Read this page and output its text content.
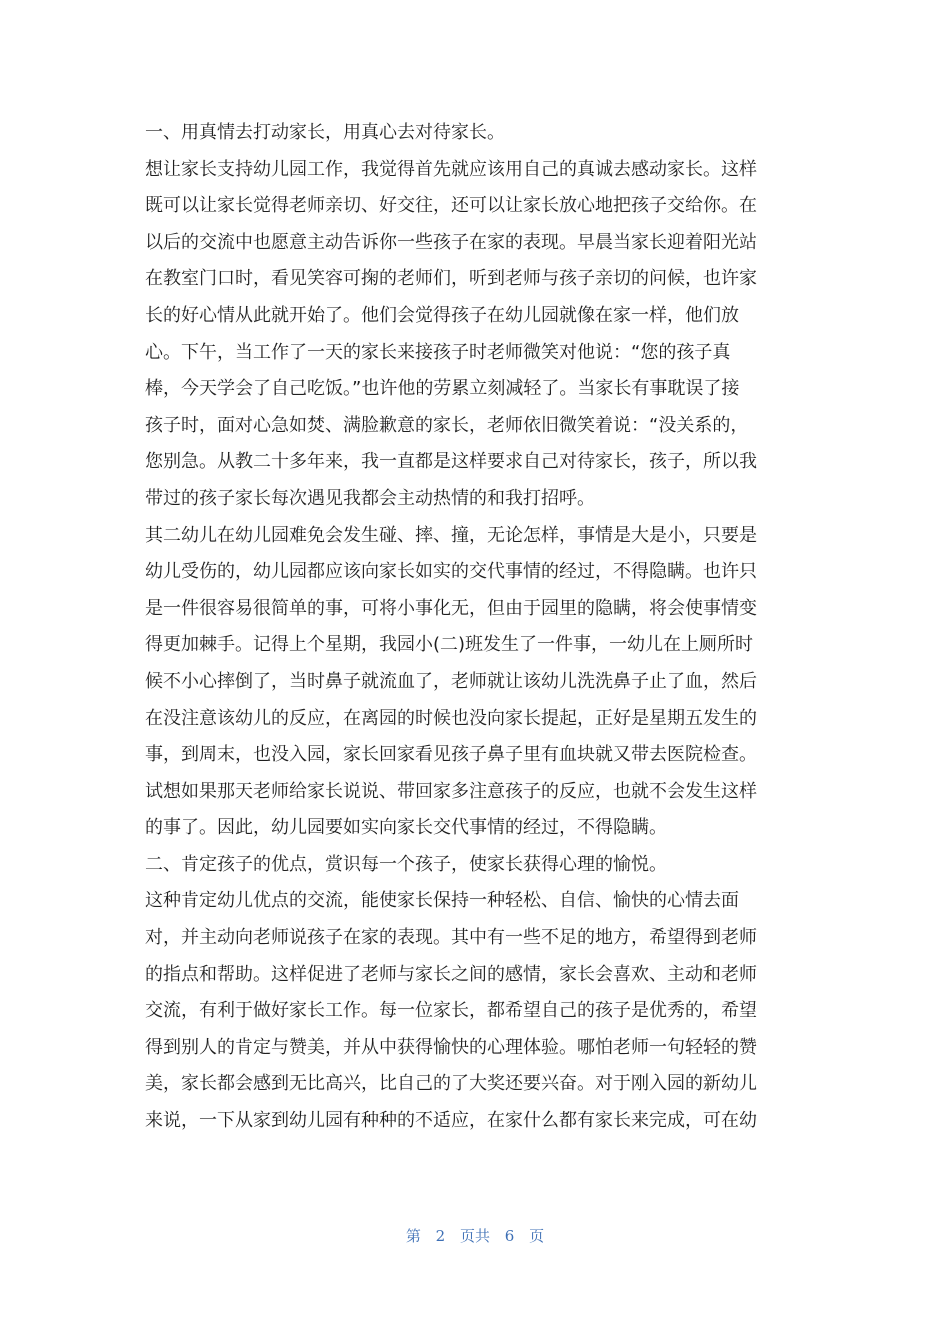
一、用真情去打动家长，用真心去对待家长。
想让家长支持幼儿园工作，我觉得首先就应该用自己的真诚去感动家长。这样
既可以让家长觉得老师亲切、好交往，还可以让家长放心地把孩子交给你。在
以后的交流中也愿意主动告诉你一些孩子在家的表现。早晨当家长迎着阳光站
在教室门口时，看见笑容可掬的老师们，听到老师与孩子亲切的问候，也许家
长的好心情从此就开始了。他们会觉得孩子在幼儿园就像在家一样，他们放
心。下午，当工作了一天的家长来接孩子时老师微笑对他说：“您的孩子真
棒，今天学会了自己吃饭。”也许他的劳累立刻减轻了。当家长有事耽误了接
孩子时，面对心急如焚、满脸歉意的家长，老师依旧微笑着说：“没关系的，
您别急。从教二十多年来，我一直都是这样要求自己对待家长，孩子，所以我
带过的孩子家长每次遇见我都会主动热情的和我打招呼。
其二幼儿在幼儿园难免会发生碰、摔、撞，无论怎样，事情是大是小，只要是
幼儿受伤的，幼儿园都应该向家长如实的交代事情的经过，不得隐瞒。也许只
是一件很容易很简单的事，可将小事化无，但由于园里的隐瞒，将会使事情变
得更加棘手。记得上个星期，我园小(二)班发生了一件事，一幼儿在上厕所时
候不小心摔倒了，当时鼻子就流血了，老师就让该幼儿洗洗鼻子止了血，然后
在没注意该幼儿的反应，在离园的时候也没向家长提起，正好是星期五发生的
事，到周末，也没入园，家长回家看见孩子鼻子里有血块就又带去医院检查。
试想如果那天老师给家长说说、带回家多注意孩子的反应，也就不会发生这样
的事了。因此，幼儿园要如实向家长交代事情的经过，不得隐瞒。
二、肯定孩子的优点，赏识每一个孩子，使家长获得心理的愉悦。
这种肯定幼儿优点的交流，能使家长保持一种轻松、自信、愉快的心情去面
对，并主动向老师说孩子在家的表现。其中有一些不足的地方，希望得到老师
的指点和帮助。这样促进了老师与家长之间的感情，家长会喜欢、主动和老师
交流，有利于做好家长工作。每一位家长，都希望自己的孩子是优秀的，希望
得到别人的肯定与赞美，并从中获得愉快的心理体验。哪怕老师一句轻轻的赞
美，家长都会感到无比高兴，比自己的了大奖还要兴奋。对于刚入园的新幼儿
来说，一下从家到幼儿园有种种的不适应，在家什么都有家长来完成，可在幼
第 2 页共 6 页
